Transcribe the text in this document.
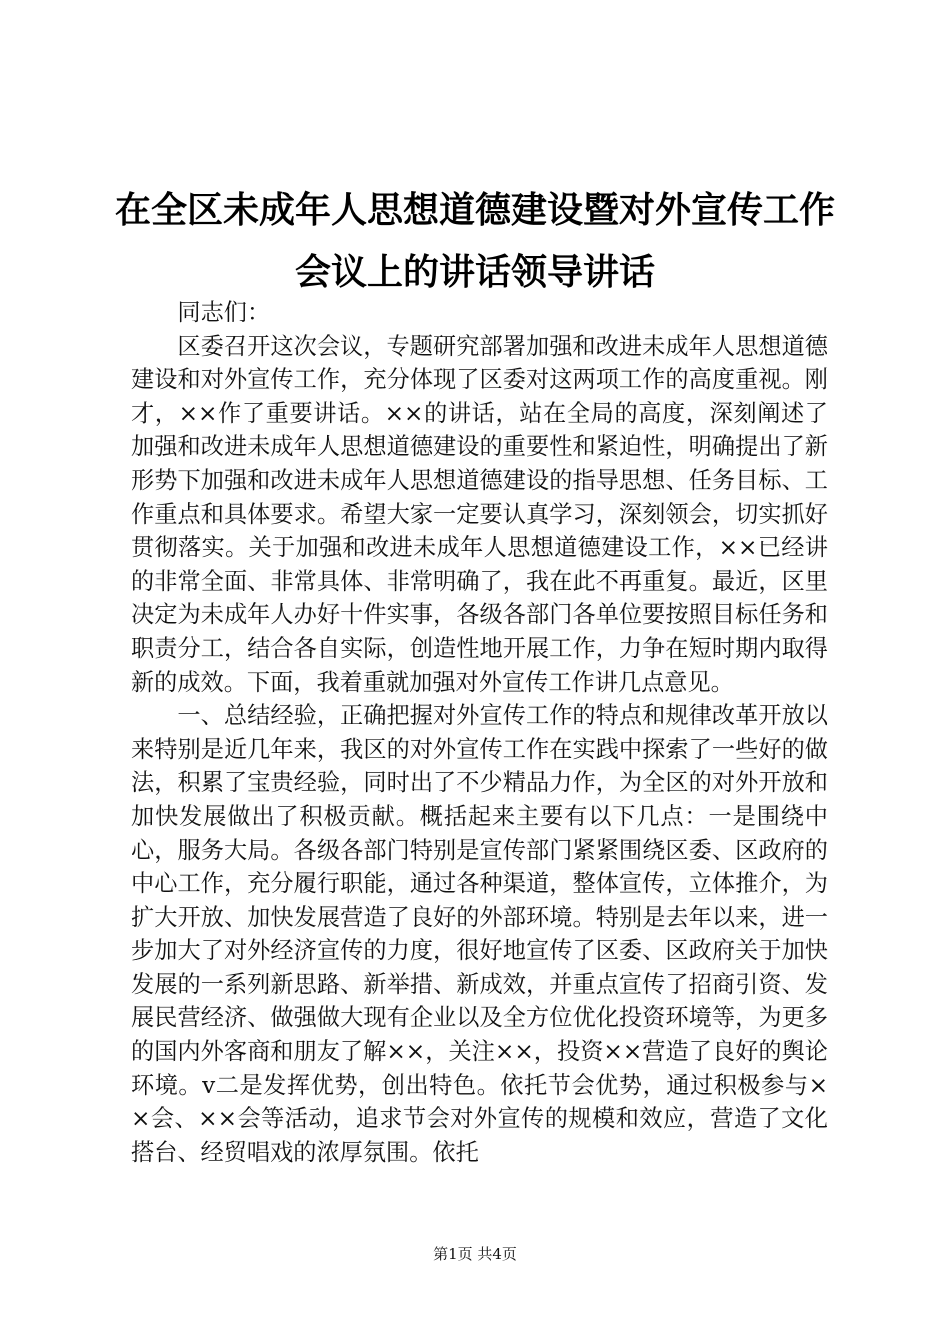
在全区未成年人思想道德建设暨对外宣传工作
会议上的讲话领导讲话

同志们：

区委召开这次会议，专题研究部署加强和改进未成年人思想道德建设和对外宣传工作，充分体现了区委对这两项工作的高度重视。刚才，××作了重要讲话。××的讲话，站在全局的高度，深刻阐述了加强和改进未成年人思想道德建设的重要性和紧迫性，明确提出了新形势下加强和改进未成年人思想道德建设的指导思想、任务目标、工作重点和具体要求。希望大家一定要认真学习，深刻领会，切实抓好贯彻落实。关于加强和改进未成年人思想道德建设工作，××已经讲的非常全面、非常具体、非常明确了，我在此不再重复。最近，区里决定为未成年人办好十件实事，各级各部门各单位要按照目标任务和职责分工，结合各自实际，创造性地开展工作，力争在短时期内取得新的成效。下面，我着重就加强对外宣传工作讲几点意见。

一、总结经验，正确把握对外宣传工作的特点和规律改革开放以来特别是近几年来，我区的对外宣传工作在实践中探索了一些好的做法，积累了宝贵经验，同时出了不少精品力作，为全区的对外开放和加快发展做出了积极贡献。概括起来主要有以下几点：一是围绕中心，服务大局。各级各部门特别是宣传部门紧紧围绕区委、区政府的中心工作，充分履行职能，通过各种渠道，整体宣传，立体推介，为扩大开放、加快发展营造了良好的外部环境。特别是去年以来，进一步加大了对外经济宣传的力度，很好地宣传了区委、区政府关于加快发展的一系列新思路、新举措、新成效，并重点宣传了招商引资、发展民营经济、做强做大现有企业以及全方位优化投资环境等，为更多的国内外客商和朋友了解××，关注××，投资××营造了良好的舆论环境。v二是发挥优势，创出特色。依托节会优势，通过积极参与××会、××会等活动，追求节会对外宣传的规模和效应，营造了文化搭台、经贸唱戏的浓厚氛围。依托

第1页 共4页
